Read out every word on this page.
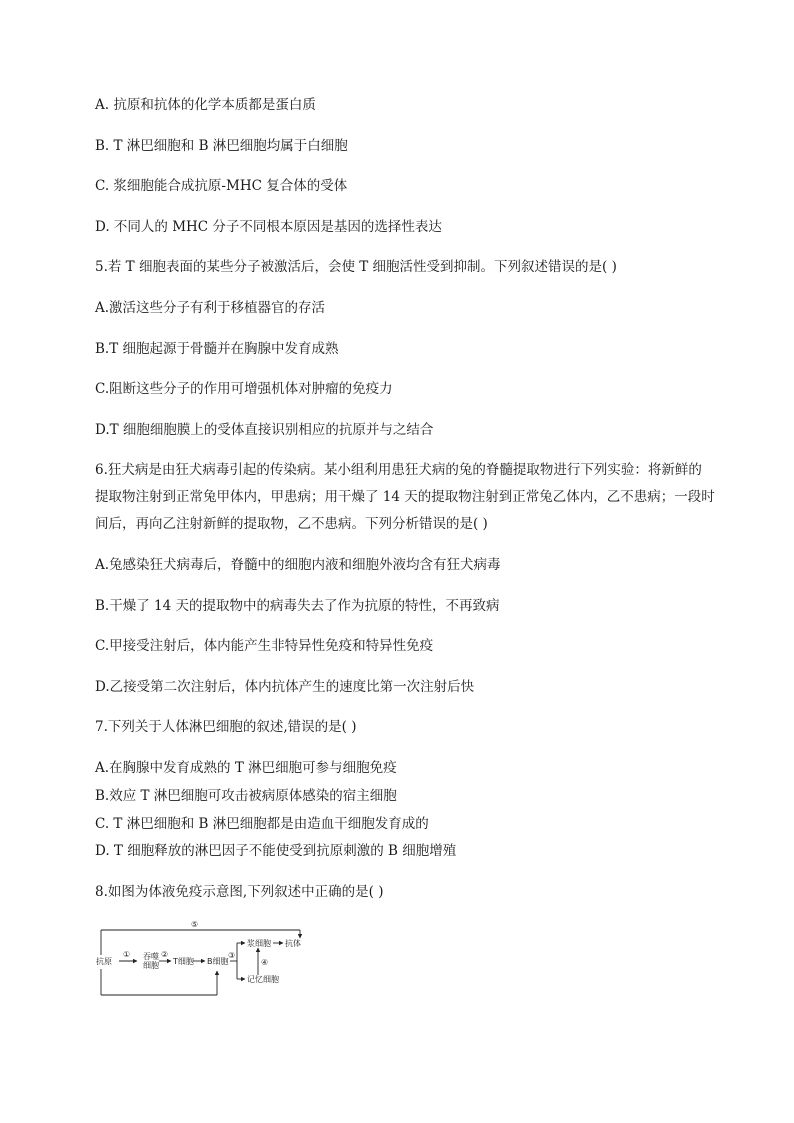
A. 抗原和抗体的化学本质都是蛋白质
B. T 淋巴细胞和 B 淋巴细胞均属于白细胞
C. 浆细胞能合成抗原-MHC 复合体的受体
D. 不同人的 MHC 分子不同根本原因是基因的选择性表达
5.若 T 细胞表面的某些分子被激活后，会使 T 细胞活性受到抑制。下列叙述错误的是( )
A.激活这些分子有利于移植器官的存活
B.T 细胞起源于骨髓并在胸腺中发育成熟
C.阻断这些分子的作用可增强机体对肿瘤的免疫力
D.T 细胞细胞膜上的受体直接识别相应的抗原并与之结合
6.狂犬病是由狂犬病毒引起的传染病。某小组利用患狂犬病的兔的脊髓提取物进行下列实验：将新鲜的提取物注射到正常兔甲体内，甲患病；用干燥了 14 天的提取物注射到正常兔乙体内，乙不患病；一段时间后，再向乙注射新鲜的提取物，乙不患病。下列分析错误的是( )
A.兔感染狂犬病毒后，脊髓中的细胞内液和细胞外液均含有狂犬病毒
B.干燥了 14 天的提取物中的病毒失去了作为抗原的特性，不再致病
C.甲接受注射后，体内能产生非特异性免疫和特异性免疫
D.乙接受第二次注射后，体内抗体产生的速度比第一次注射后快
7.下列关于人体淋巴细胞的叙述,错误的是( )
A.在胸腺中发育成熟的 T 淋巴细胞可参与细胞免疫
B.效应 T 淋巴细胞可攻击被病原体感染的宿主细胞
C. T 淋巴细胞和 B 淋巴细胞都是由造血干细胞发育成的
D. T 细胞释放的淋巴因子不能使受到抗原刺激的 B 细胞增殖
8.如图为体液免疫示意图,下列叙述中正确的是( )
抗原
吞噬
细胞 T细胞 B细胞
浆细胞 抗体
记忆细胞
①	②	③
④
⑤
